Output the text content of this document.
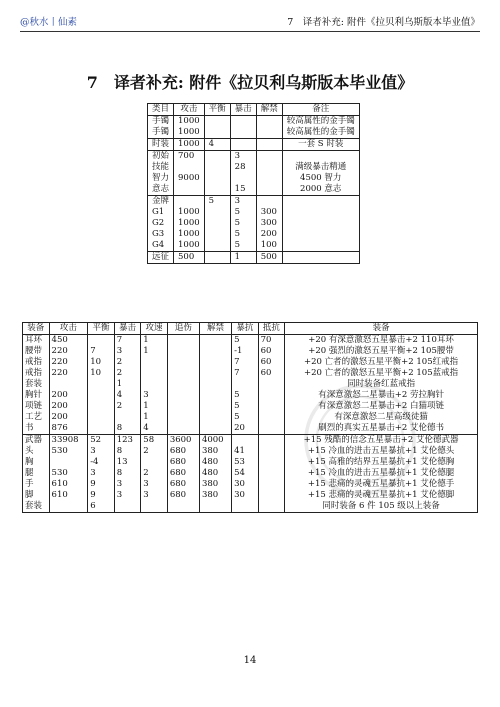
@秋水丨仙素	7　译者补充: 附件《拉贝利乌斯版本毕业值》
7　译者补充: 附件《拉贝利乌斯版本毕业值》
类目	攻击	平衡	暴击	解禁	备注
手镯	1000				较高属性的金手镯
手镯	1000				较高属性的金手镯
时装	1000	4			一套 S 时装
初始	700		3		
技能			28		满级暴击精通
智力	9000				4500 智力
意志			15		2000 意志
金牌		5	3		
G1	1000		5	300	
G2	1000		5	300	
G3	1000		5	200	
G4	1000		5	100	
远征	500		1	500	
装备	攻击	平衡	暴击	攻速	追伤	解禁	暴抗	抵抗	装备
耳环	450		7	1			5	70	+20 有深意激怒五星暴击+2 110耳环
腰带	220	7	3	1			-1	60	+20 强烈的激怒五星平衡+2 105腰带
戒指	220	10	2				7	60	+20 亡者的激怒五星平衡+2 105红戒指
戒指	220	10	2				7	60	+20 亡者的激怒五星平衡+2 105蓝戒指
套装			1						同时装备红蓝戒指
胸针	200		4	3			5		有深意激怒二星暴击+2 劳拉胸针
项链	200		2	1			5		有深意激怒二星暴击+2 白猫项链
工艺	200			1			5		有深意激怒二星高级徒猫
书	876		8	4			20		刷烈的真实五星暴击+2 艾伦德书
武器	33908	52	123	58	3600	4000			+15 残酷的信念五星暴击+2 艾伦德武器
头	530	3	8	2	680	380	41		+15 冷血的进击五星暴抗+1 艾伦德头
胸		-4	13		680	480	53		+15 高雅的结界五星暴抗+1 艾伦德胸
腿	530	3	8	2	680	480	54		+15 冷血的进击五星暴抗+1 艾伦德腿
手	610	9	3	3	680	380	30		+15 悲痛的灵魂五星暴抗+1 艾伦德手
脚	610	9	3	3	680	380	30		+15 悲痛的灵魂五星暴抗+1 艾伦德脚
套装		6							同时装备 6 件 105 级以上装备
14
